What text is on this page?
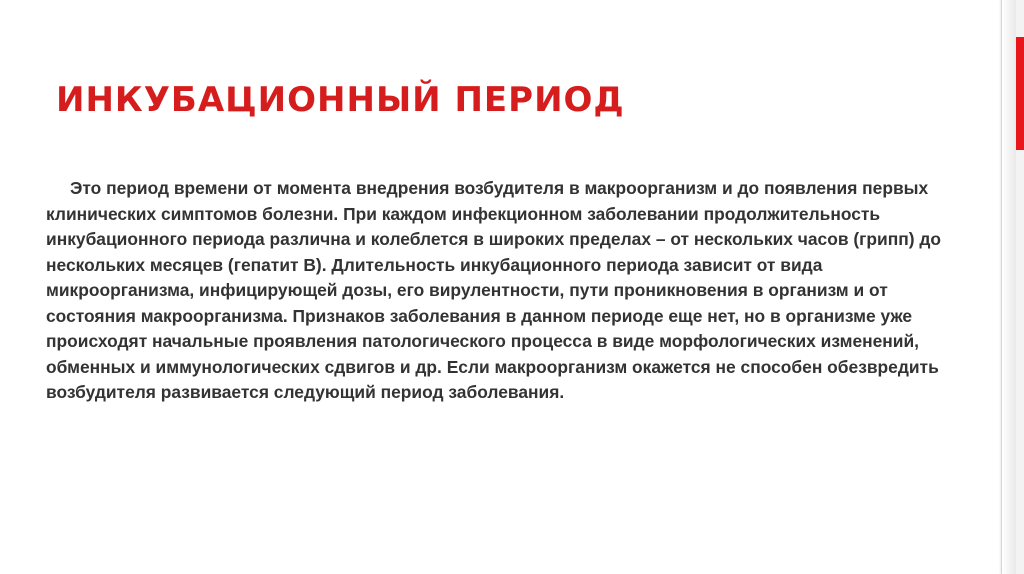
ИНКУБАЦИОННЫЙ ПЕРИОД

Это период времени от момента внедрения возбудителя в макроорганизм и до появления первых клинических симптомов болезни. При каждом инфекционном заболевании продолжительность инкубационного периода различна и колеблется в широких пределах – от нескольких часов (грипп) до нескольких месяцев (гепатит В). Длительность инкубационного периода зависит от вида микроорганизма, инфицирующей дозы, его вирулентности, пути проникновения в организм и от состояния макроорганизма. Признаков заболевания в данном периоде еще нет, но в организме уже происходят начальные проявления патологического процесса в виде морфологических изменений, обменных и иммунологических сдвигов и др. Если макроорганизм окажется не способен обезвредить возбудителя развивается следующий период заболевания.
